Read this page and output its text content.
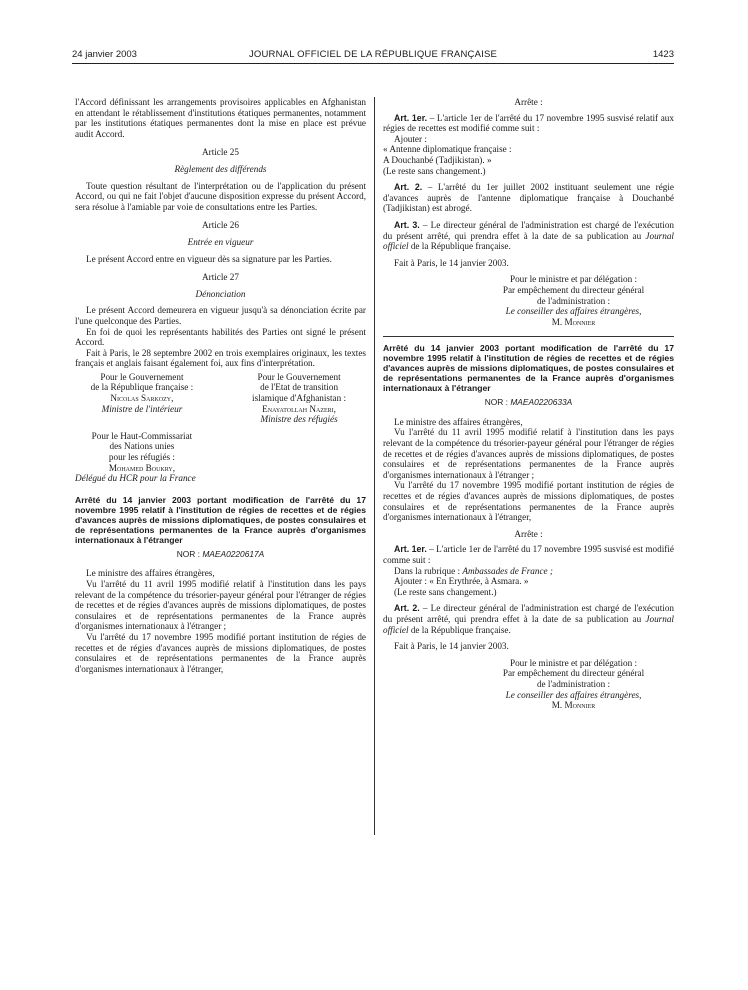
24 janvier 2003	JOURNAL OFFICIEL DE LA RÉPUBLIQUE FRANÇAISE	1423

l'Accord définissant les arrangements provisoires applicables en Afghanistan en attendant le rétablissement d'institutions étatiques permanentes, notamment par les institutions étatiques permanentes dont la mise en place est prévue audit Accord.

Article 25
Règlement des différends

Toute question résultant de l'interprétation ou de l'application du présent Accord, ou qui ne fait l'objet d'aucune disposition expresse du présent Accord, sera résolue à l'amiable par voie de consultations entre les Parties.

Article 26
Entrée en vigueur

Le présent Accord entre en vigueur dès sa signature par les Parties.

Article 27
Dénonciation

Le présent Accord demeurera en vigueur jusqu'à sa dénonciation écrite par l'une quelconque des Parties.

En foi de quoi les représentants habilités des Parties ont signé le présent Accord.

Fait à Paris, le 28 septembre 2002 en trois exemplaires originaux, les textes français et anglais faisant également foi, aux fins d'interprétation.

Pour le Gouvernement
de la République française :
Nicolas Sarkozy,
Ministre de l'intérieur
Pour le Gouvernement
de l'Etat de transition
islamique d'Afghanistan :
Enayatollah Nazeri,
Ministre des réfugiés
Pour le Haut-Commissariat
des Nations unies
pour les réfugiés :
Mohamed Boukry,
Délégué du HCR pour la France

Arrêté du 14 janvier 2003 portant modification de l'arrêté du 17 novembre 1995 relatif à l'institution de régies de recettes et de régies d'avances auprès de missions diplomatiques, de postes consulaires et de représentations permanentes de la France auprès d'organismes internationaux à l'étranger

NOR : MAEA0220617A

Le ministre des affaires étrangères,

Vu l'arrêté du 11 avril 1995 modifié relatif à l'institution dans les pays relevant de la compétence du trésorier-payeur général pour l'étranger de régies de recettes et de régies d'avances auprès de missions diplomatiques, de postes consulaires et de représentations permanentes de la France auprès d'organismes internationaux à l'étranger ;

Vu l'arrêté du 17 novembre 1995 modifié portant institution de régies de recettes et de régies d'avances auprès de missions diplomatiques, de postes consulaires et de représentations permanentes de la France auprès d'organismes internationaux à l'étranger,

Arrête :

Art. 1er. – L'article 1er de l'arrêté du 17 novembre 1995 susvisé relatif aux régies de recettes est modifié comme suit :

Ajouter :

« Antenne diplomatique française :

A Douchanbé (Tadjikistan). »

(Le reste sans changement.)

Art. 2. – L'arrêté du 1er juillet 2002 instituant seulement une régie d'avances auprès de l'antenne diplomatique française à Douchanbé (Tadjikistan) est abrogé.

Art. 3. – Le directeur général de l'administration est chargé de l'exécution du présent arrêté, qui prendra effet à la date de sa publication au Journal officiel de la République française.

Fait à Paris, le 14 janvier 2003.

Pour le ministre et par délégation :
Par empêchement du directeur général
de l'administration :
Le conseiller des affaires étrangères,
M. Monnier

Arrêté du 14 janvier 2003 portant modification de l'arrêté du 17 novembre 1995 relatif à l'institution de régies de recettes et de régies d'avances auprès de missions diplomatiques, de postes consulaires et de représentations permanentes de la France auprès d'organismes internationaux à l'étranger

NOR : MAEA0220633A

Le ministre des affaires étrangères,

Vu l'arrêté du 11 avril 1995 modifié relatif à l'institution dans les pays relevant de la compétence du trésorier-payeur général pour l'étranger de régies de recettes et de régies d'avances auprès de missions diplomatiques, de postes consulaires et de représentations permanentes de la France auprès d'organismes internationaux à l'étranger ;

Vu l'arrêté du 17 novembre 1995 modifié portant institution de régies de recettes et de régies d'avances auprès de missions diplomatiques, de postes consulaires et de représentations permanentes de la France auprès d'organismes internationaux à l'étranger,

Arrête :

Art. 1er. – L'article 1er de l'arrêté du 17 novembre 1995 susvisé est modifié comme suit :

Dans la rubrique : Ambassades de France ;

Ajouter : « En Erythrée, à Asmara. »

(Le reste sans changement.)

Art. 2. – Le directeur général de l'administration est chargé de l'exécution du présent arrêté, qui prendra effet à la date de sa publication au Journal officiel de la République française.

Fait à Paris, le 14 janvier 2003.

Pour le ministre et par délégation :
Par empêchement du directeur général
de l'administration :
Le conseiller des affaires étrangères,
M. Monnier
